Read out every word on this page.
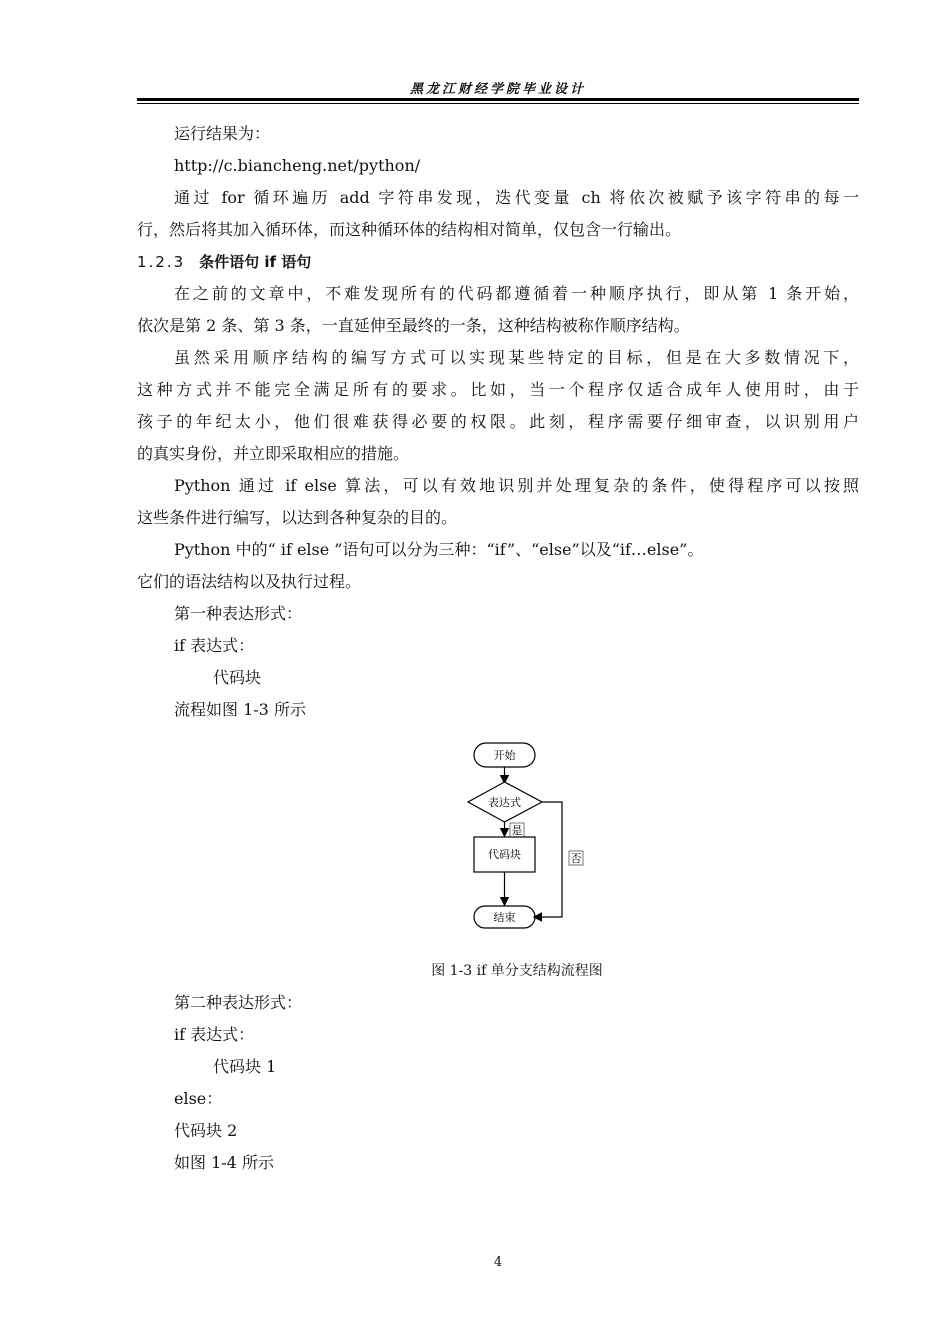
黑龙江财经学院毕业设计
运行结果为：
http://c.biancheng.net/python/
通过 for 循环遍历 add 字符串发现，迭代变量 ch 将依次被赋予该字符串的每一
行，然后将其加入循环体，而这种循环体的结构相对简单，仅包含一行输出。
1.2.3 条件语句 if 语句
在之前的文章中，不难发现所有的代码都遵循着一种顺序执行，即从第 1 条开始，
依次是第 2 条、第 3 条，一直延伸至最终的一条，这种结构被称作顺序结构。
虽然采用顺序结构的编写方式可以实现某些特定的目标，但是在大多数情况下，
这种方式并不能完全满足所有的要求。比如，当一个程序仅适合成年人使用时，由于
孩子的年纪太小，他们很难获得必要的权限。此刻，程序需要仔细审查，以识别用户
的真实身份，并立即采取相应的措施。
Python 通过 if else 算法，可以有效地识别并处理复杂的条件，使得程序可以按照
这些条件进行编写，以达到各种复杂的目的。
Python 中的“ if else ”语句可以分为三种：“if”、“else”以及“if…else”。
它们的语法结构以及执行过程。
第一种表达形式：
if 表达式：
代码块
流程如图 1-3 所示
开始
表达式
是
代码块
结束
否
图 1-3 if 单分支结构流程图
第二种表达形式：
if 表达式：
代码块 1
else：
代码块 2
如图 1-4 所示
4
